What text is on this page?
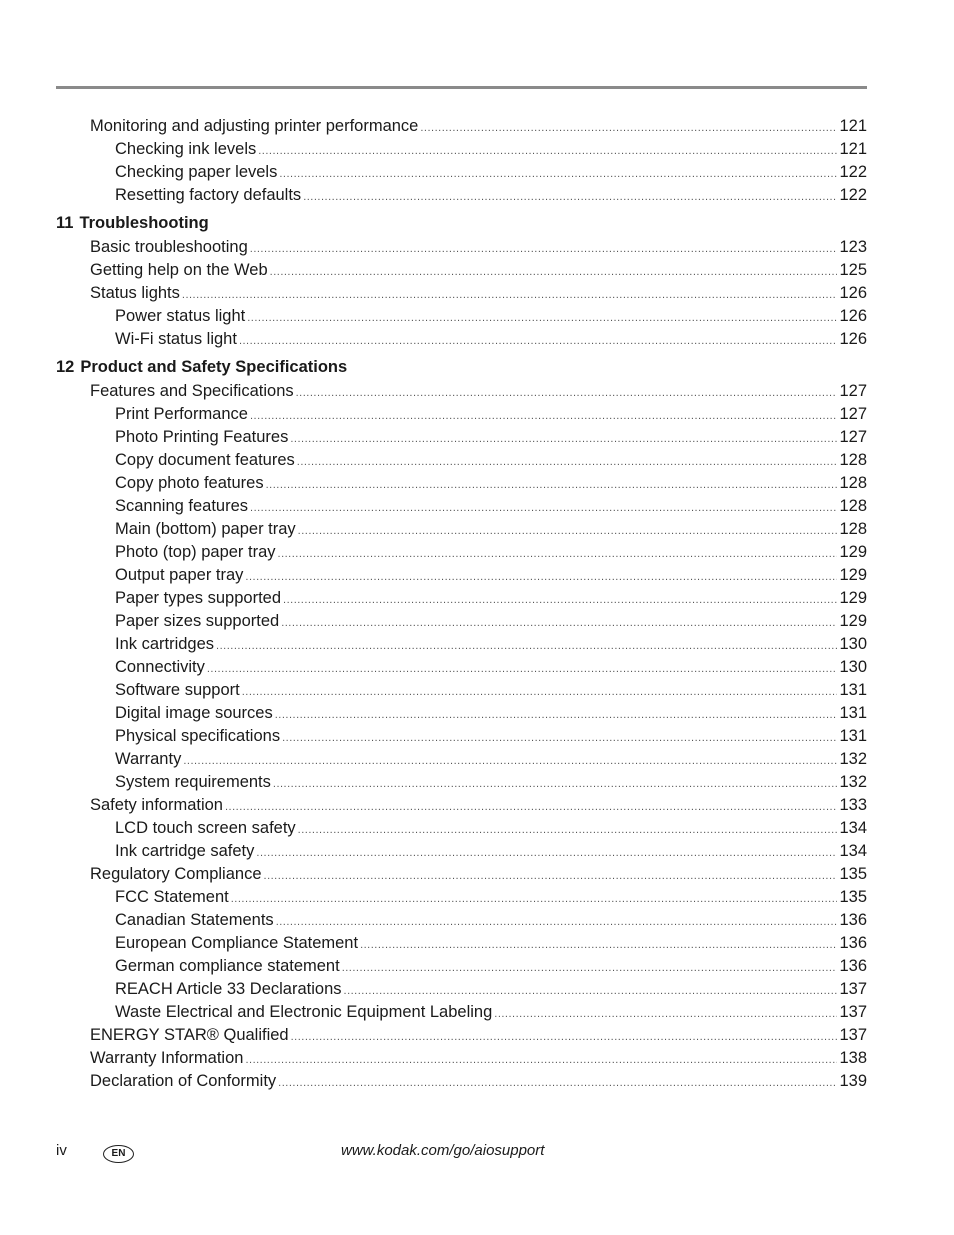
Monitoring and adjusting printer performance .....	121
Checking ink levels .....	121
Checking paper levels .....	122
Resetting factory defaults .....	122
11 Troubleshooting
Basic troubleshooting .....	123
Getting help on the Web .....	125
Status lights .....	126
Power status light .....	126
Wi-Fi status light .....	126
12 Product and Safety Specifications
Features and Specifications .....	127
Print Performance .....	127
Photo Printing Features .....	127
Copy document features .....	128
Copy photo features .....	128
Scanning features .....	128
Main (bottom) paper tray .....	128
Photo (top) paper tray .....	129
Output paper tray .....	129
Paper types supported .....	129
Paper sizes supported .....	129
Ink cartridges .....	130
Connectivity .....	130
Software support .....	131
Digital image sources .....	131
Physical specifications .....	131
Warranty .....	132
System requirements .....	132
Safety information .....	133
LCD touch screen safety .....	134
Ink cartridge safety .....	134
Regulatory Compliance .....	135
FCC Statement .....	135
Canadian Statements .....	136
European Compliance Statement .....	136
German compliance statement .....	136
REACH Article 33 Declarations .....	137
Waste Electrical and Electronic Equipment Labeling .....	137
ENERGY STAR® Qualified .....	137
Warranty Information .....	138
Declaration of Conformity .....	139
iv	EN	www.kodak.com/go/aiosupport
